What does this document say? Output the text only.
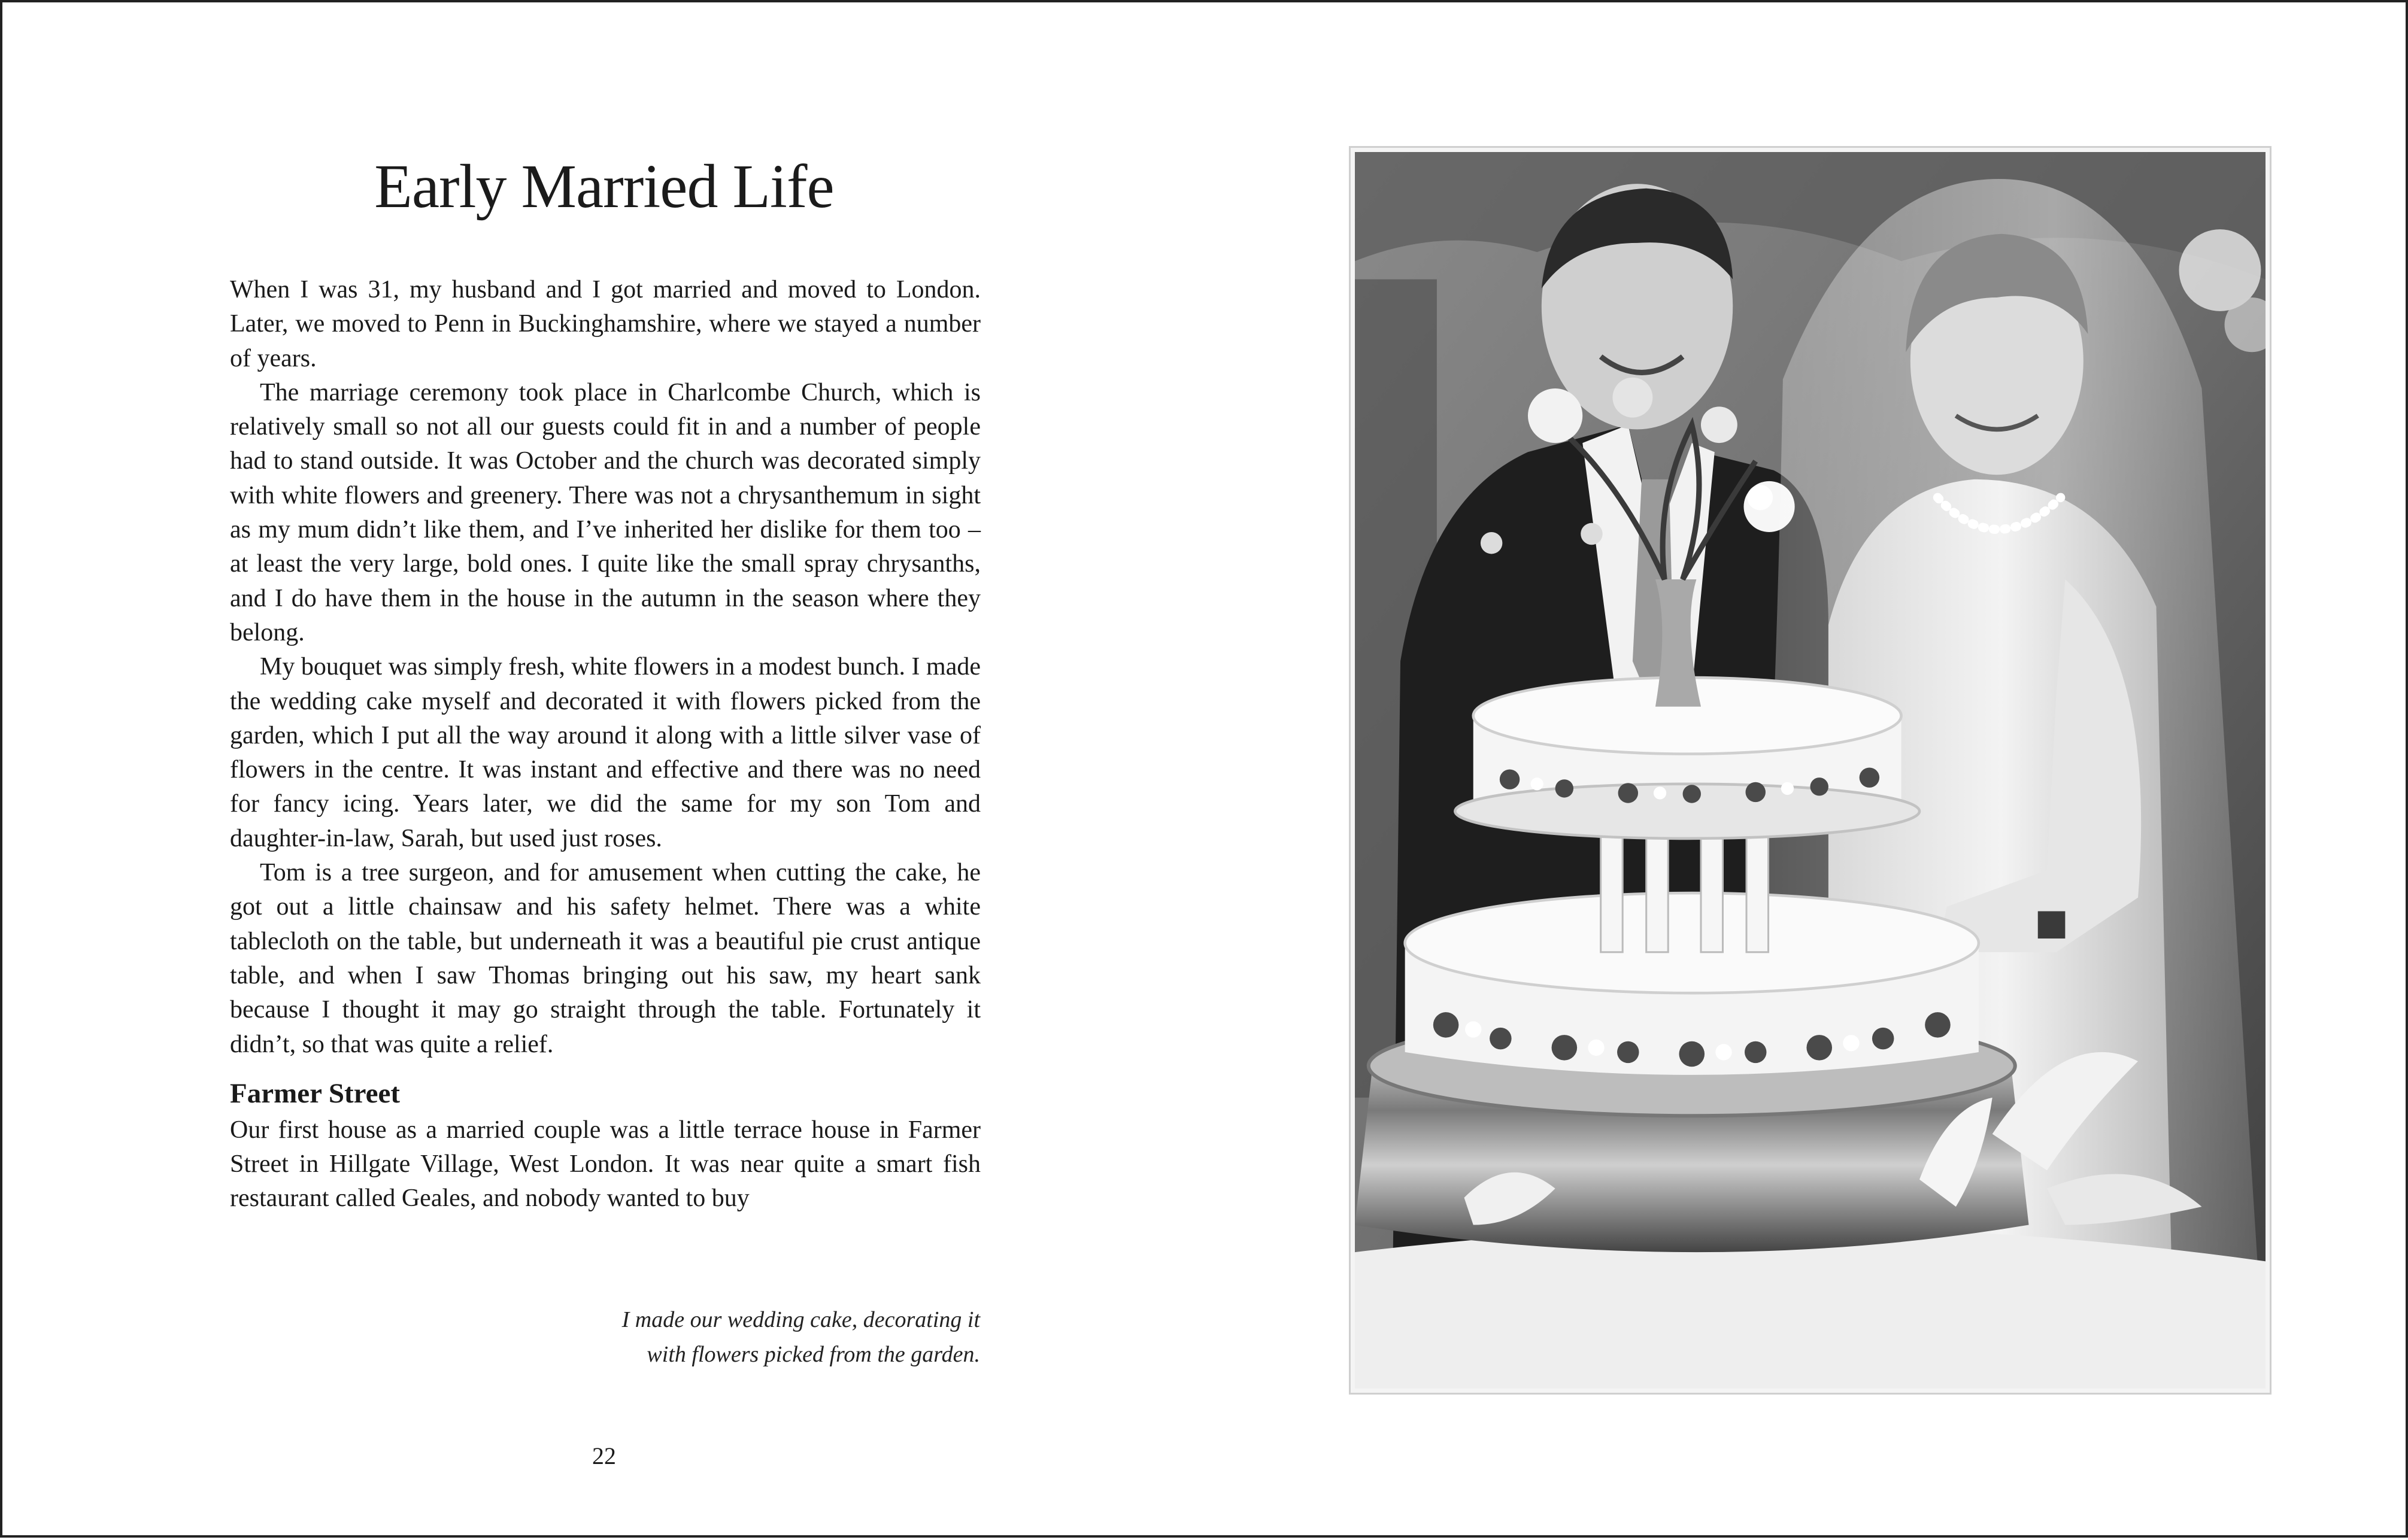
Early Married Life

When I was 31, my husband and I got married and moved to London. Later, we moved to Penn in Buckinghamshire, where we stayed a number of years.

The marriage ceremony took place in Charlcombe Church, which is relatively small so not all our guests could fit in and a number of people had to stand outside. It was October and the church was decorated simply with white flowers and greenery. There was not a chrysanthemum in sight as my mum didn’t like them, and I’ve inherited her dislike for them too – at least the very large, bold ones. I quite like the small spray chrysanths, and I do have them in the house in the autumn in the season where they belong.

My bouquet was simply fresh, white flowers in a modest bunch. I made the wedding cake myself and decorated it with flowers picked from the garden, which I put all the way around it along with a little silver vase of flowers in the centre. It was instant and effective and there was no need for fancy icing. Years later, we did the same for my son Tom and daughter-in-law, Sarah, but used just roses.

Tom is a tree surgeon, and for amusement when cutting the cake, he got out a little chainsaw and his safety helmet. There was a white tablecloth on the table, but underneath it was a beautiful pie crust antique table, and when I saw Thomas bringing out his saw, my heart sank because I thought it may go straight through the table. Fortunately it didn’t, so that was quite a relief.

Farmer Street

Our first house as a married couple was a little terrace house in Farmer Street in Hillgate Village, West London. It was near quite a smart fish restaurant called Geales, and nobody wanted to buy

I made our wedding cake, decorating it
with flowers picked from the garden.
22
